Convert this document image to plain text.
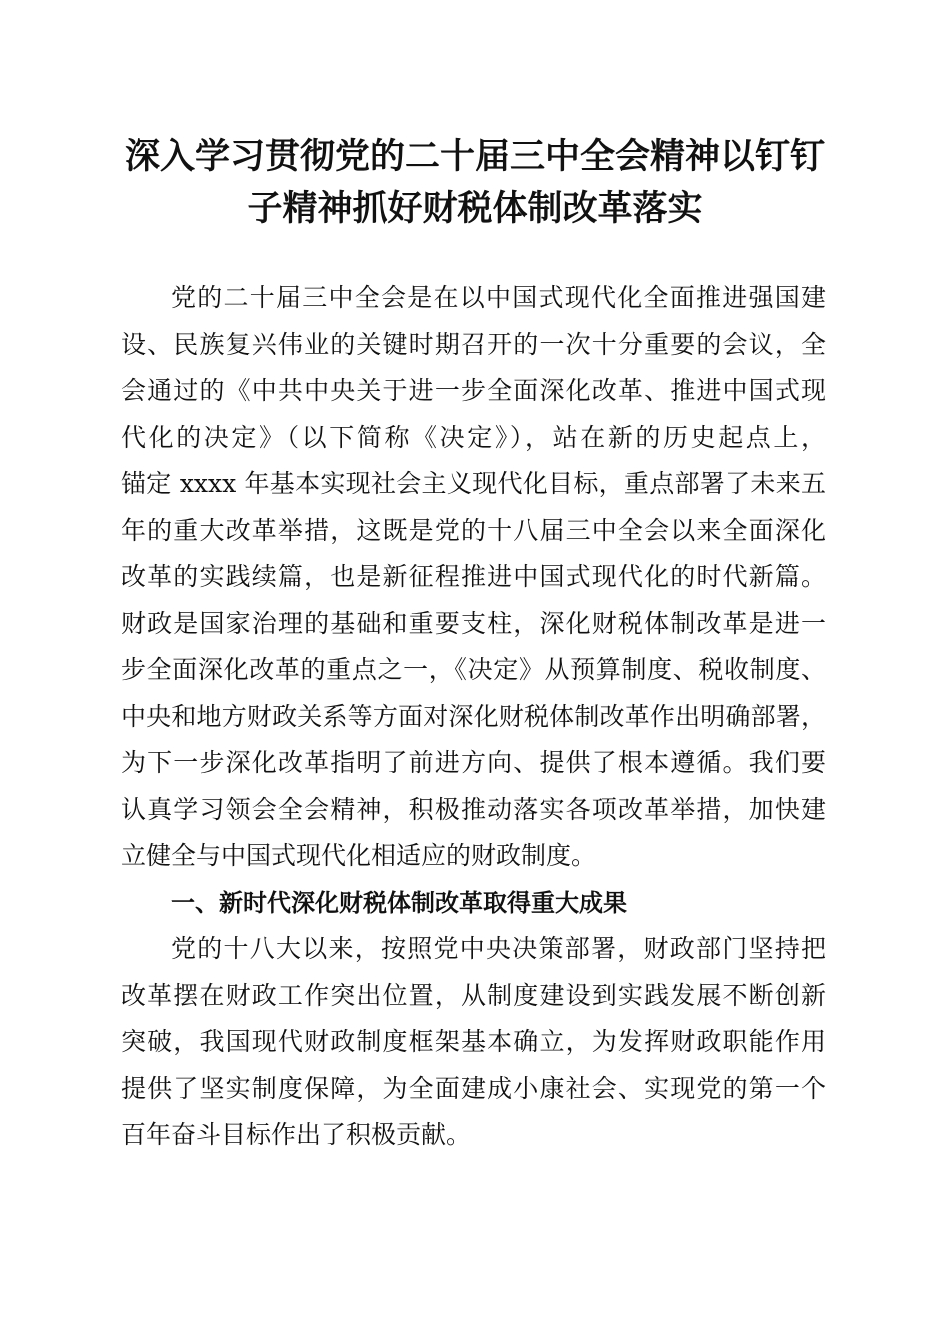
深入学习贯彻党的二十届三中全会精神以钉钉
子精神抓好财税体制改革落实
党的二十届三中全会是在以中国式现代化全面推进强国建
设、民族复兴伟业的关键时期召开的一次十分重要的会议，全
会通过的《中共中央关于进一步全面深化改革、推进中国式现
代化的决定》（以下简称《决定》），站在新的历史起点上，
锚定 xxxx 年基本实现社会主义现代化目标，重点部署了未来五
年的重大改革举措，这既是党的十八届三中全会以来全面深化
改革的实践续篇，也是新征程推进中国式现代化的时代新篇。
财政是国家治理的基础和重要支柱，深化财税体制改革是进一
步全面深化改革的重点之一，《决定》从预算制度、税收制度、
中央和地方财政关系等方面对深化财税体制改革作出明确部署，
为下一步深化改革指明了前进方向、提供了根本遵循。我们要
认真学习领会全会精神，积极推动落实各项改革举措，加快建
立健全与中国式现代化相适应的财政制度。
一、新时代深化财税体制改革取得重大成果
党的十八大以来，按照党中央决策部署，财政部门坚持把
改革摆在财政工作突出位置，从制度建设到实践发展不断创新
突破，我国现代财政制度框架基本确立，为发挥财政职能作用
提供了坚实制度保障，为全面建成小康社会、实现党的第一个
百年奋斗目标作出了积极贡献。
